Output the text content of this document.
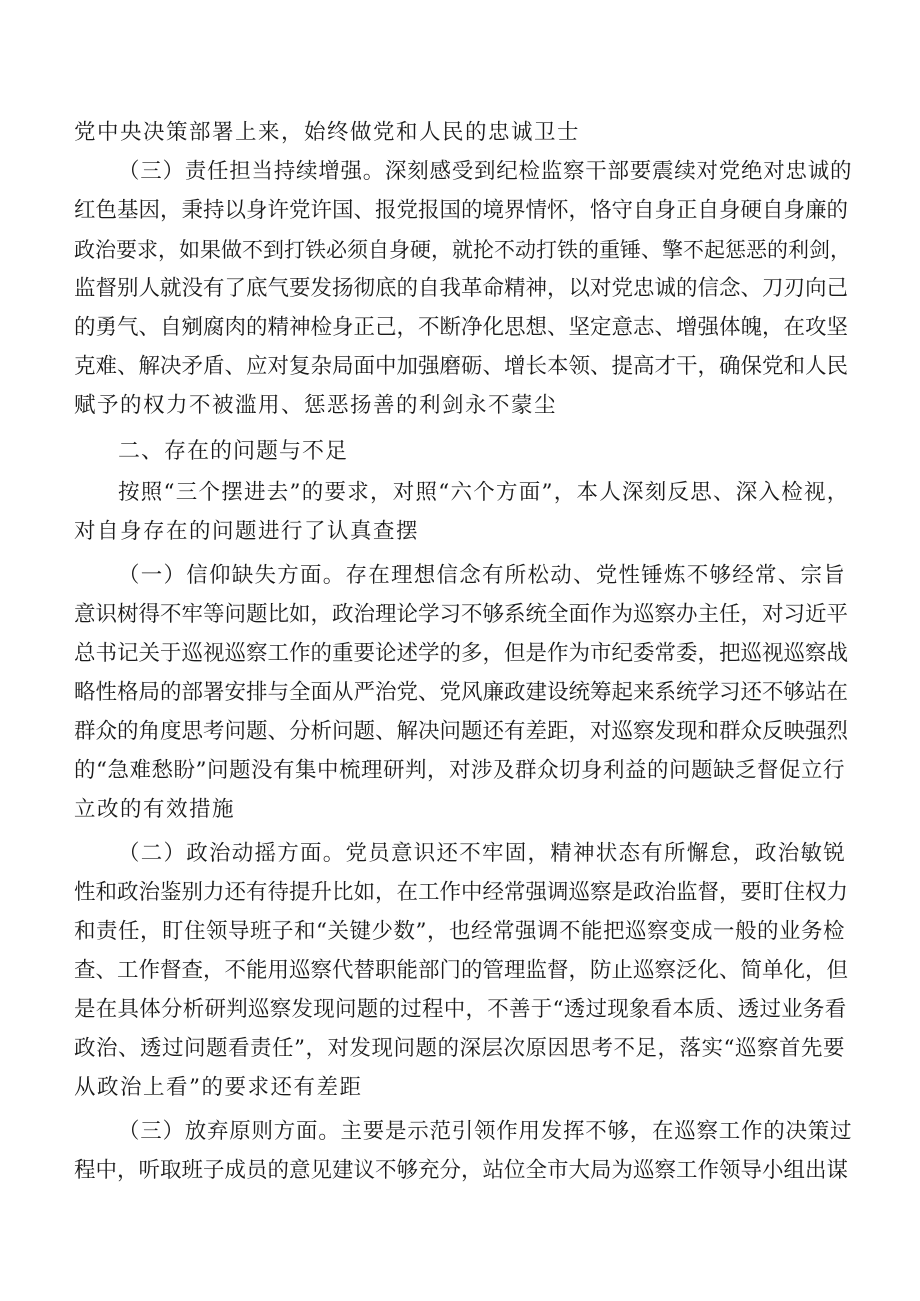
党中央决策部署上来，始终做党和人民的忠诚卫士
（三）责任担当持续增强。深刻感受到纪检监察干部要震续对党绝对忠诚的
红色基因，秉持以身许党许国、报党报国的境界情怀，恪守自身正自身硬自身廉的
政治要求，如果做不到打铁必须自身硬，就抡不动打铁的重锤、擎不起惩恶的利剑，
监督别人就没有了底气要发扬彻底的自我革命精神，以对党忠诚的信念、刀刃向己
的勇气、自剜腐肉的精神检身正己，不断净化思想、坚定意志、增强体魄，在攻坚
克难、解决矛盾、应对复杂局面中加强磨砺、增长本领、提高才干，确保党和人民
赋予的权力不被滥用、惩恶扬善的利剑永不蒙尘
二、存在的问题与不足
按照“三个摆进去”的要求，对照“六个方面”，本人深刻反思、深入检视，
对自身存在的问题进行了认真查摆
（一）信仰缺失方面。存在理想信念有所松动、党性锤炼不够经常、宗旨
意识树得不牢等问题比如，政治理论学习不够系统全面作为巡察办主任，对习近平
总书记关于巡视巡察工作的重要论述学的多，但是作为市纪委常委，把巡视巡察战
略性格局的部署安排与全面从严治党、党风廉政建设统筹起来系统学习还不够站在
群众的角度思考问题、分析问题、解决问题还有差距，对巡察发现和群众反映强烈
的“急难愁盼”问题没有集中梳理研判，对涉及群众切身利益的问题缺乏督促立行
立改的有效措施
（二）政治动摇方面。党员意识还不牢固，精神状态有所懈怠，政治敏锐
性和政治鉴别力还有待提升比如，在工作中经常强调巡察是政治监督，要盯住权力
和责任，盯住领导班子和“关键少数”，也经常强调不能把巡察变成一般的业务检
查、工作督查，不能用巡察代替职能部门的管理监督，防止巡察泛化、简单化，但
是在具体分析研判巡察发现问题的过程中，不善于“透过现象看本质、透过业务看
政治、透过问题看责任”，对发现问题的深层次原因思考不足，落实“巡察首先要
从政治上看”的要求还有差距
（三）放弃原则方面。主要是示范引领作用发挥不够，在巡察工作的决策过
程中，听取班子成员的意见建议不够充分，站位全市大局为巡察工作领导小组出谋
